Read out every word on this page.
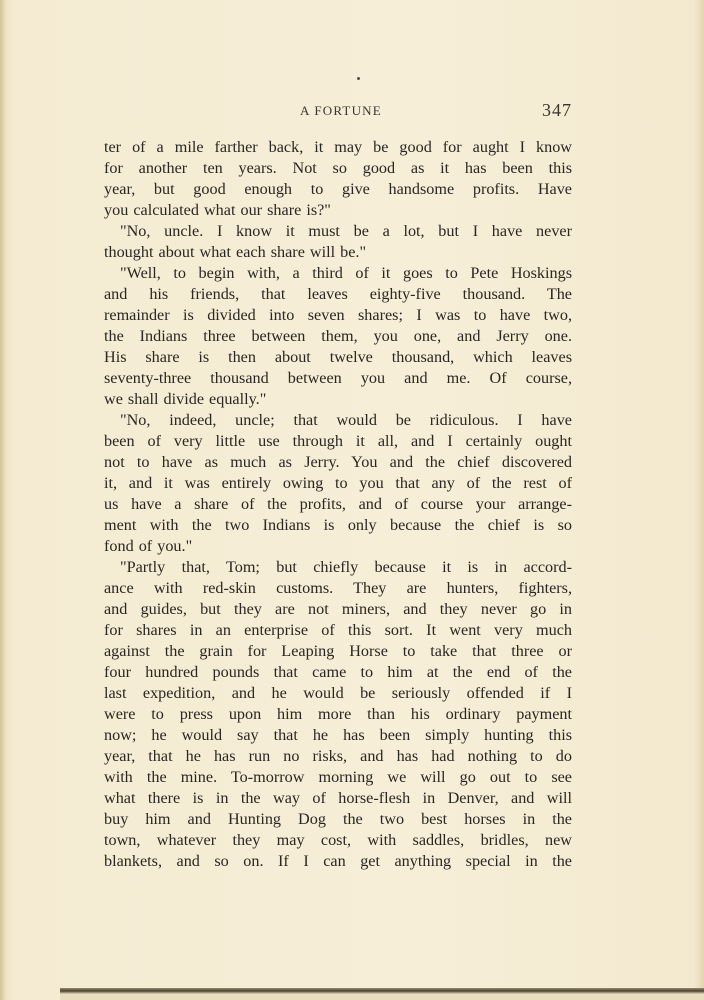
A FORTUNE	347
ter of a mile farther back, it may be good for aught I know
for another ten years. Not so good as it has been this
year, but good enough to give handsome profits. Have
you calculated what our share is?"
"No, uncle. I know it must be a lot, but I have never
thought about what each share will be."
"Well, to begin with, a third of it goes to Pete Hoskings
and his friends, that leaves eighty-five thousand. The
remainder is divided into seven shares; I was to have two,
the Indians three between them, you one, and Jerry one.
His share is then about twelve thousand, which leaves
seventy-three thousand between you and me. Of course,
we shall divide equally."
"No, indeed, uncle; that would be ridiculous. I have
been of very little use through it all, and I certainly ought
not to have as much as Jerry. You and the chief discovered
it, and it was entirely owing to you that any of the rest of
us have a share of the profits, and of course your arrange-
ment with the two Indians is only because the chief is so
fond of you."
"Partly that, Tom; but chiefly because it is in accord-
ance with red-skin customs. They are hunters, fighters,
and guides, but they are not miners, and they never go in
for shares in an enterprise of this sort. It went very much
against the grain for Leaping Horse to take that three or
four hundred pounds that came to him at the end of the
last expedition, and he would be seriously offended if I
were to press upon him more than his ordinary payment
now; he would say that he has been simply hunting this
year, that he has run no risks, and has had nothing to do
with the mine. To-morrow morning we will go out to see
what there is in the way of horse-flesh in Denver, and will
buy him and Hunting Dog the two best horses in the
town, whatever they may cost, with saddles, bridles, new
blankets, and so on. If I can get anything special in the
